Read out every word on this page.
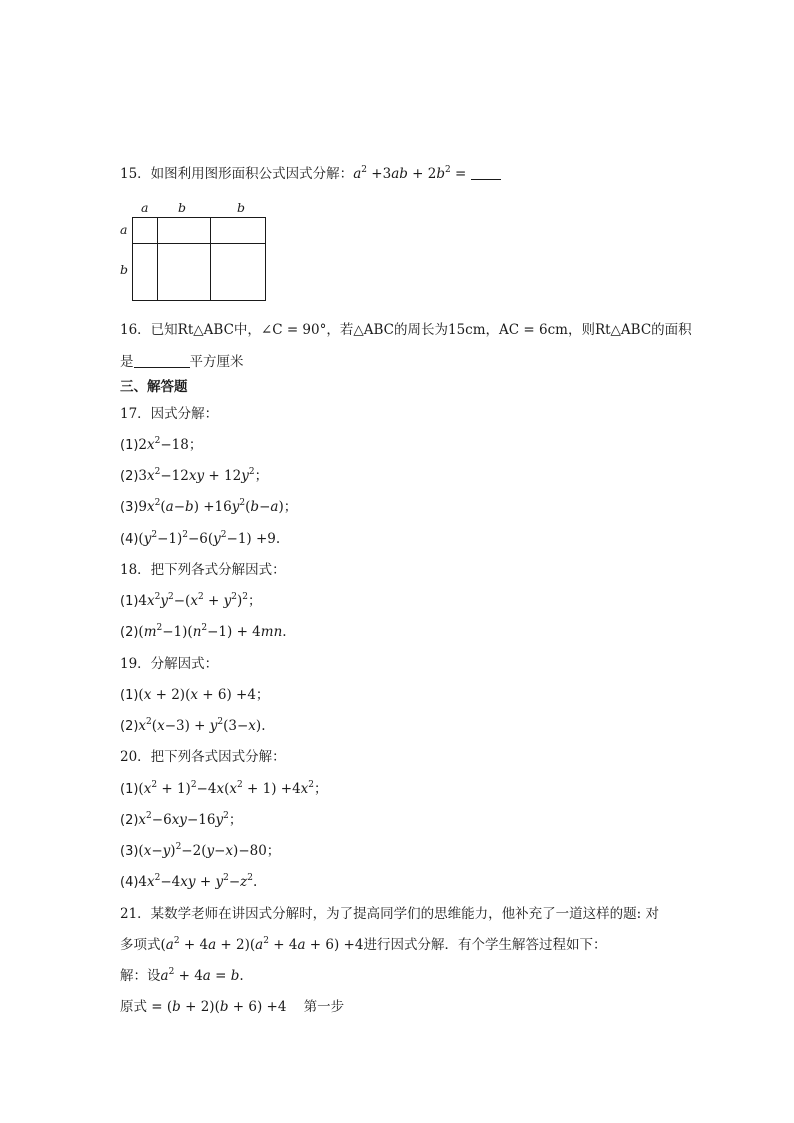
15．如图利用图形面积公式因式分解：$a^2 +3ab + 2b^2$ =
a b	b
a
b
16．已知Rt△ABC中，∠C = 90°，若△ABC的周长为15cm，AC = 6cm，则Rt△ABC的面积
是	平方厘米
三、解答题
17．因式分解：
$(1)2x^2-18$；
$(2)3x^2-12xy + 12y^2$；
$(3)9x^2(a-b) +16y^2(b-a)$；
$(4)(y^2-1)^2-6(y^2-1) +9$.
18．把下列各式分解因式：
$(1)4x^2y^2-(x^2 + y^2)^2$；
$(2)(m^2-1)(n^2-1) + 4mn$.
19．分解因式：
(1)(x + 2)(x + 6) +4；
$(2)x^2(x-3) + y^2(3-x)$.
20．把下列各式因式分解：
$(1)(x^2 + 1)^2-4x(x^2 + 1) +4x^2$；
$(2)x^2-6xy-16y^2$；
$(3)(x-y)^2-2(y-x)-80$；
$(4)4x^2-4xy + y^2-z^2$.
21．某数学老师在讲因式分解时，为了提高同学们的思维能力，他补充了一道这样的题: 对
多项式$(a^2 + 4a + 2)(a^2 + 4a + 6) +4$进行因式分解．有个学生解答过程如下：
解：设$a^2 + 4a = b$.
原式 = (b + 2)(b + 6) +4    第一步
